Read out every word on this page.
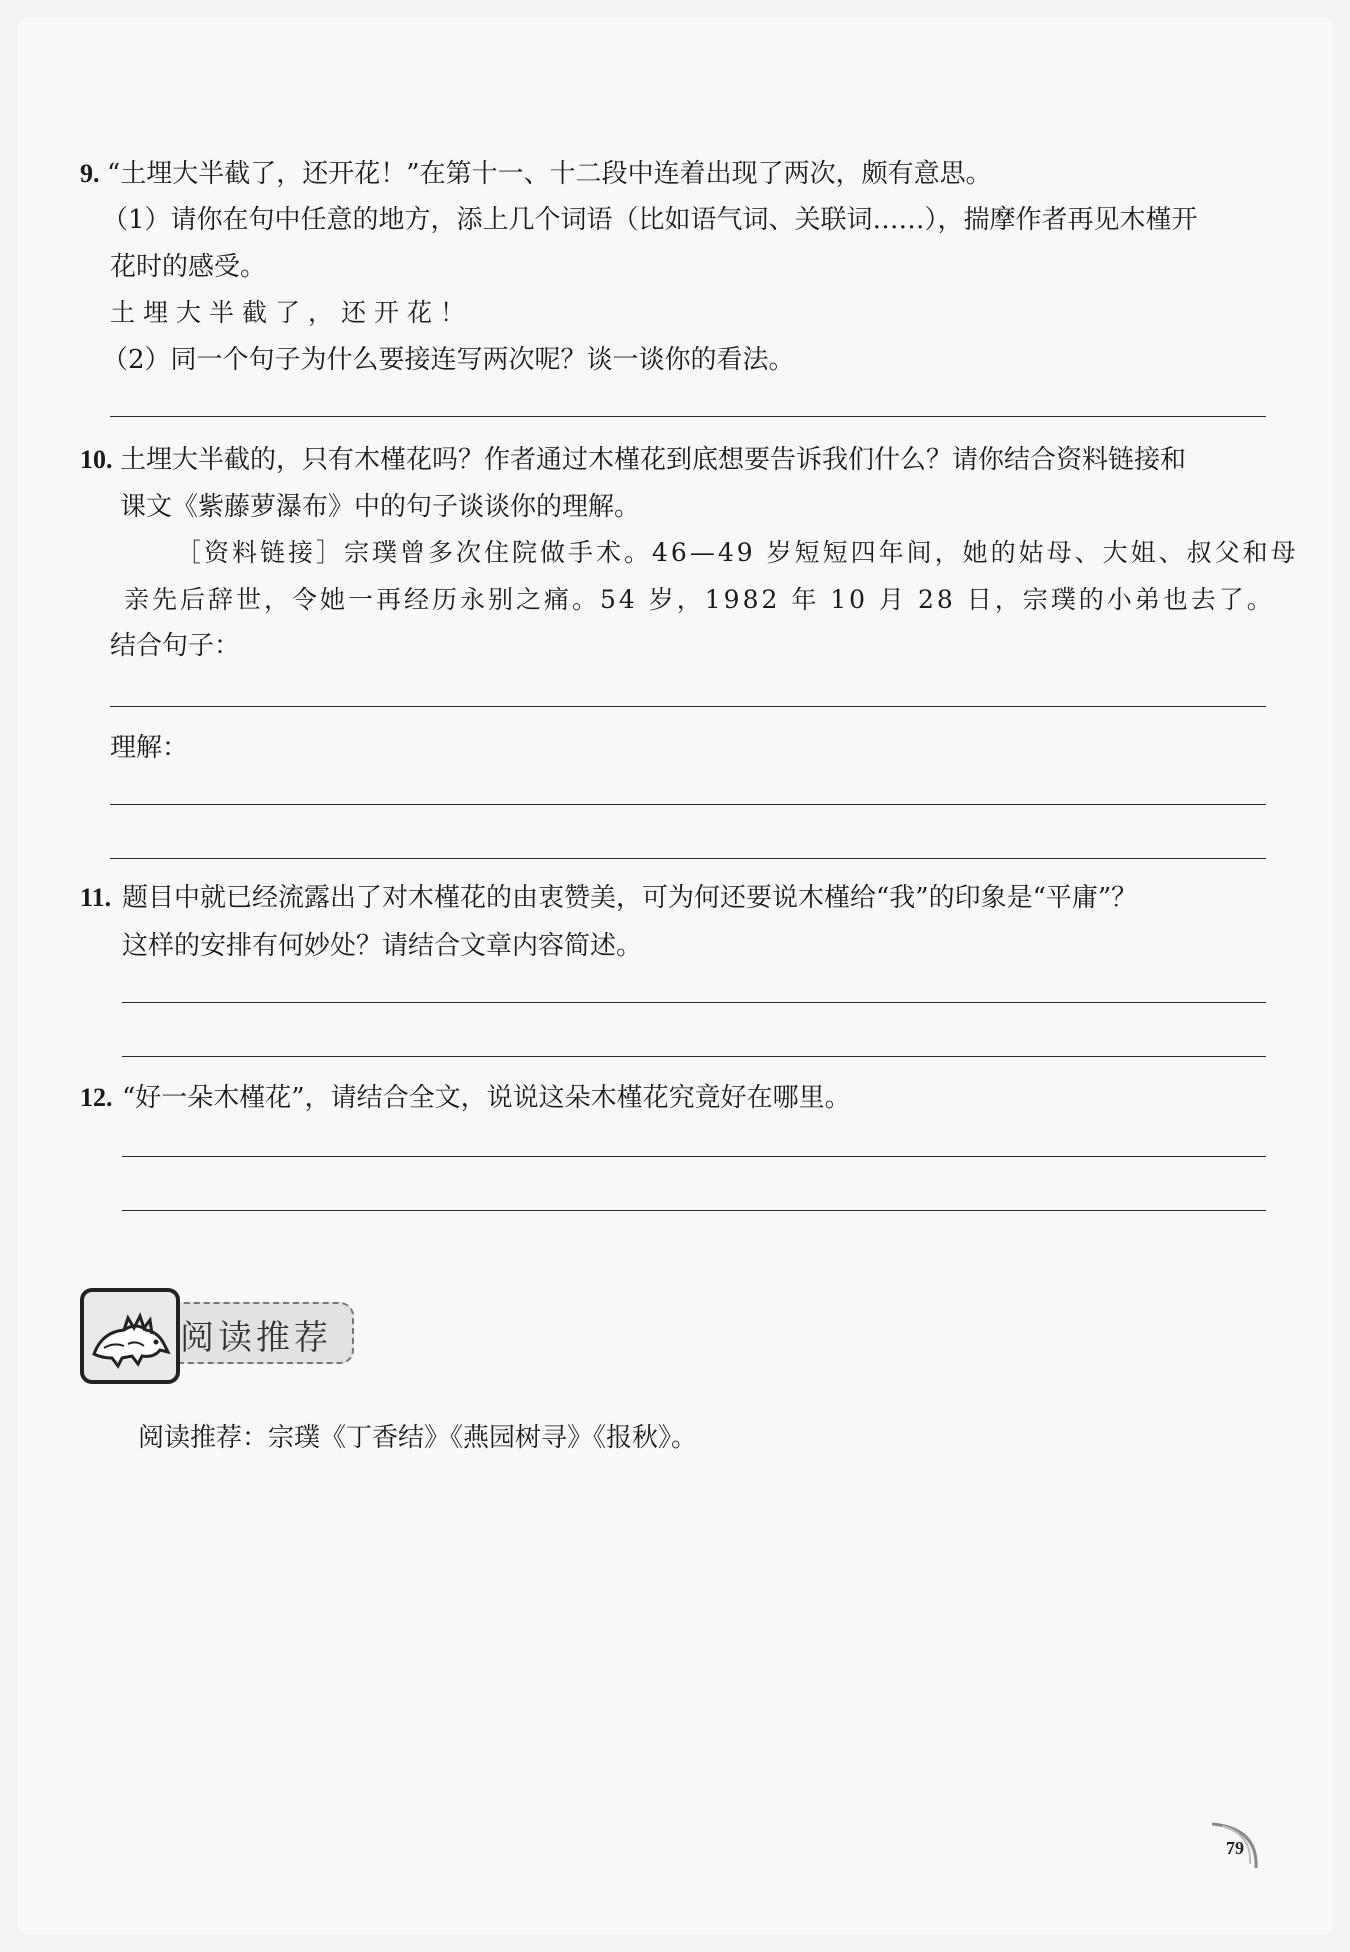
9. “土埋大半截了，还开花！”在第十一、十二段中连着出现了两次，颇有意思。
（1）请你在句中任意的地方，添上几个词语（比如语气词、关联词……），揣摩作者再见木槿开
花时的感受。
土埋大半截了，还开花！
（2）同一个句子为什么要接连写两次呢？谈一谈你的看法。
10. 土埋大半截的，只有木槿花吗？作者通过木槿花到底想要告诉我们什么？请你结合资料链接和
课文《紫藤萝瀑布》中的句子谈谈你的理解。
［资料链接］宗璞曾多次住院做手术。46—49 岁短短四年间，她的姑母、大姐、叔父和母
亲先后辞世，令她一再经历永别之痛。54 岁，1982 年 10 月 28 日，宗璞的小弟也去了。
结合句子：
理解：
11. 题目中就已经流露出了对木槿花的由衷赞美，可为何还要说木槿给“我”的印象是“平庸”？
这样的安排有何妙处？请结合文章内容简述。
12. “好一朵木槿花”，请结合全文，说说这朵木槿花究竟好在哪里。
阅读推荐
阅读推荐：宗璞《丁香结》《燕园树寻》《报秋》。
79
